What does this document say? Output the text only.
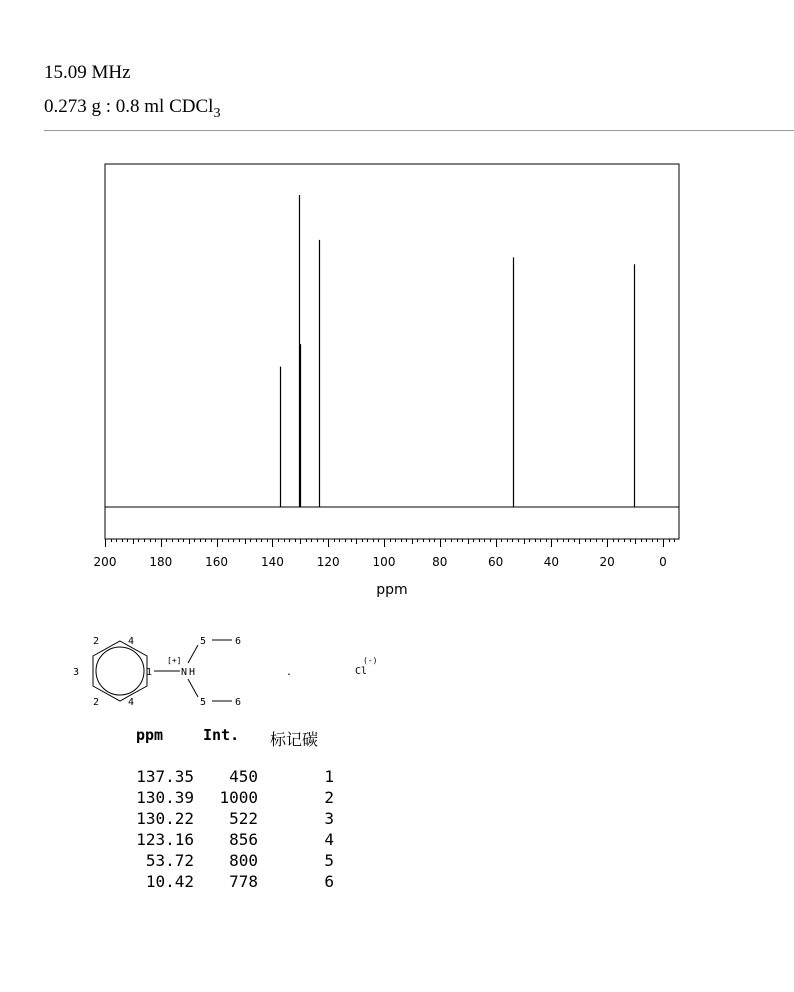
15.09 MHz
0.273 g : 0.8 ml CDCl$_3$
200	180	160	140	120	100	80	60	40	20	0
ppm
2	4
3	1
2	4
[+]
N H
5	6
5	6
.	Cl
(-)
ppm	Int. 标记碳
137.35	450	1
130.39	1000	2
130.22	522	3
123.16	856	4
53.72	800	5
10.42	778	6
